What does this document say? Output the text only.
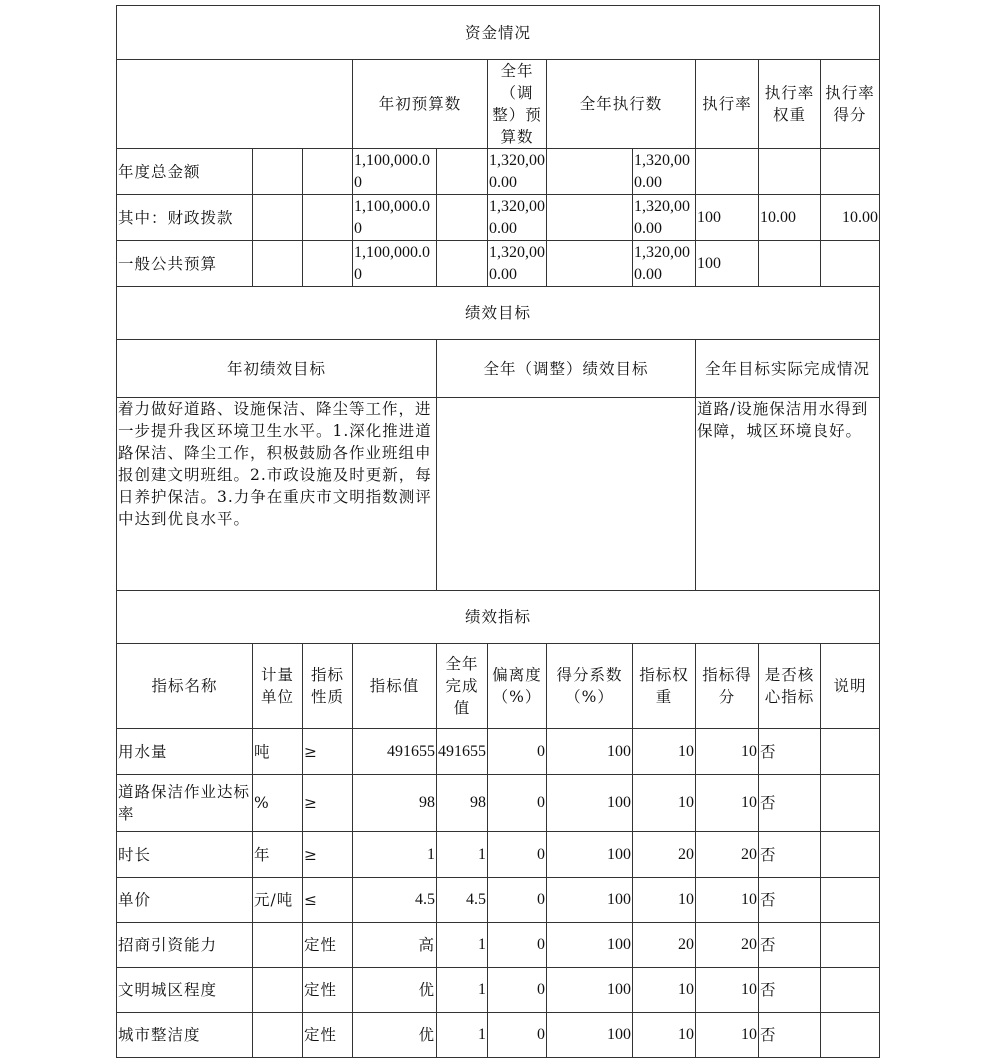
资金情况										
			年初预算数		全年（调整）预算数	全年执行数		执行率	执行率权重	执行率得分
年度总金额			1,100,000.00		1,320,000.00		1,320,000.00			
其中：财政拨款			1,100,000.00		1,320,000.00		1,320,000.00	100	10.00	10.00
一般公共预算			1,100,000.00		1,320,000.00		1,320,000.00	100		
绩效目标										
年初绩效目标				全年（调整）绩效目标				全年目标实际完成情况		
着力做好道路、设施保洁、降尘等工作，进一步提升我区环境卫生水平。1.深化推进道路保洁、降尘工作，积极鼓励各作业班组申报创建文明班组。2.市政设施及时更新，每日养护保洁。3.力争在重庆市文明指数测评中达到优良水平。								道路/设施保洁用水得到保障，城区环境良好。		
绩效指标										
指标名称	计量单位	指标性质	指标值	全年完成值	偏离度（%）	得分系数（%）	指标权重	指标得分	是否核心指标	说明
用水量	吨	≥	491655	491655	0	100	10	10	否	
道路保洁作业达标率	%	≥	98	98	0	100	10	10	否	
时长	年	≥	1	1	0	100	20	20	否	
单价	元/吨	≤	4.5	4.5	0	100	10	10	否	
招商引资能力		定性	高	1	0	100	20	20	否	
文明城区程度		定性	优	1	0	100	10	10	否	
城市整洁度		定性	优	1	0	100	10	10	否	
